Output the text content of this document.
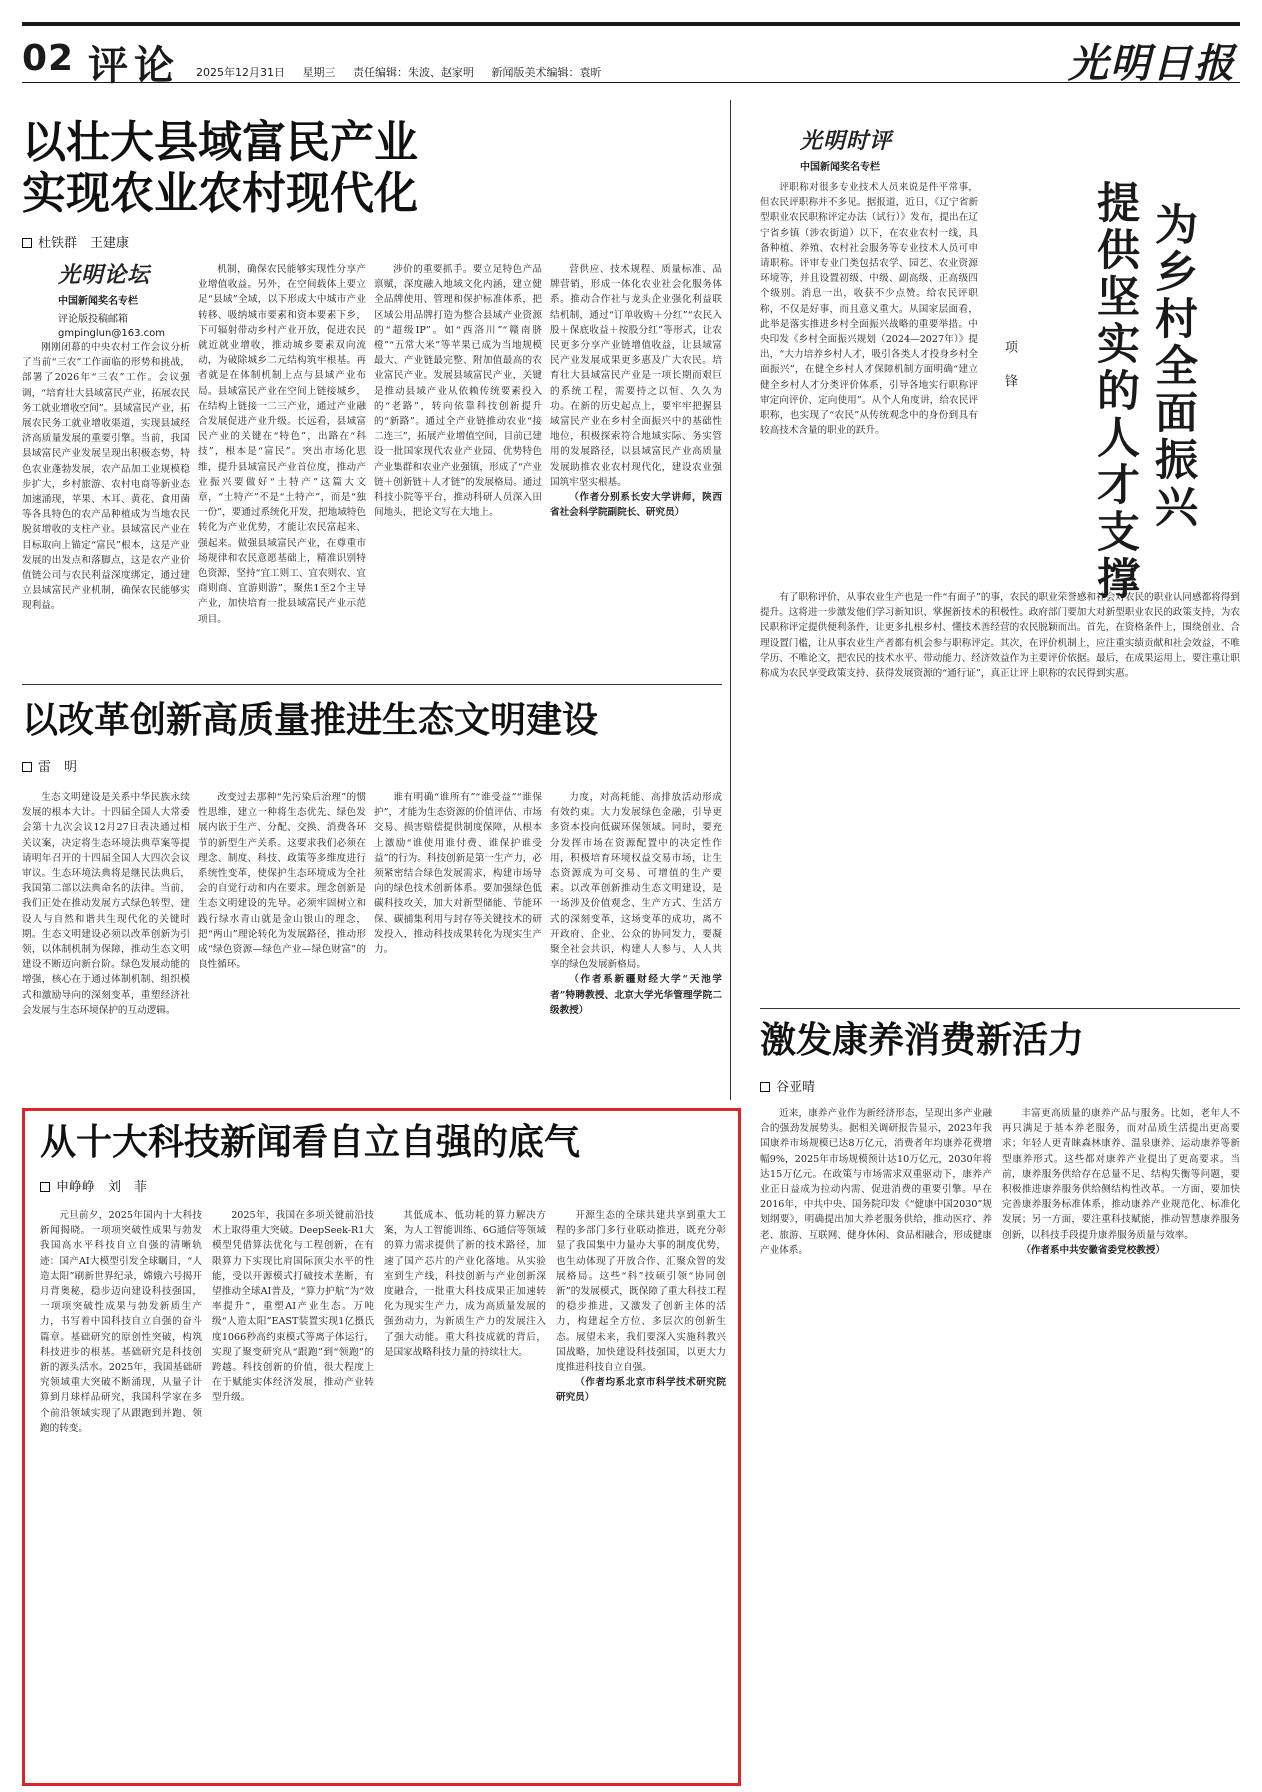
02 评论 2025年12月31日 星期三 责任编辑：朱波、赵家明 新闻版美术编辑：袁昕	光明日报
以壮大县域富民产业
实现农业农村现代化
杜铁群　王建康
光明论坛
中国新闻奖名专栏
评论版投稿邮箱
gmpinglun@163.com

刚刚闭幕的中央农村工作会议分析了当前“三农”工作面临的形势和挑战，部署了2026年“三农”工作。会议强调，“培育壮大县域富民产业，拓展农民务工就业增收空间”。县域富民产业，拓展农民务工就业增收渠道，实现县域经济高质量发展的重要引擎。当前，我国县域富民产业发展呈现出积极态势，特色农业蓬勃发展，农产品加工业规模稳步扩大，乡村旅游、农村电商等新业态加速涌现，苹果、木耳、黄花、食用菌等各具特色的农产品种植成为当地农民脱贫增收的支柱产业。县域富民产业在目标取向上锚定“富民”根本，这是产业发展的出发点和落脚点，这是农产业价值链公司与农民利益深度绑定，通过建立县域富民产业机制，确保农民能够实现利益。

机制，确保农民能够实现性分享产业增值收益。另外，在空间载体上要立足“县域”全域，以下形成大中城市产业转移、吸纳城市要素和资本要素下乡，下可辐射带动乡村产业开放，促进农民就近就业增收，推动城乡要素双向流动，为破除城乡二元结构筑牢根基。再者就是在体制机制上点与县域产业布局。县域富民产业在空间上链接城乡，在结构上链接一二三产业，通过产业融合发展促进产业升级。长远看，县域富民产业的关键在“特色”，出路在“科技”，根本是“富民”。突出市场化思维，提升县域富民产业首位度，推动产业振兴要做好“土特产”这篇大文章，“土特产”不是“土特产”，而是“独一份”，要通过系统化开发，把地域特色转化为产业优势，才能让农民富起来、强起来。做强县域富民产业，在尊重市场规律和农民意愿基础上，精准识别特色资源，坚持“宜工则工、宜农则农、宜商则商、宜游则游”，聚焦1至2个主导产业，加快培育一批县域富民产业示范项目。

涉价的重要抓手。要立足特色产品禀赋，深度融入地域文化内涵，建立健全品牌使用、管理和保护标准体系，把区域公用品牌打造为整合县域产业资源的“超级IP”。如“西洛川”“赣南脐橙”“五常大米”等苹果已成为当地规模最大、产业链最完整、附加值最高的农业富民产业。发展县域富民产业，关键是推动县域产业从依赖传统要素投入的“老路”，转向依靠科技创新提升的“新路”。通过全产业链推动农业“接二连三”，拓展产业增值空间，目前已建设一批国家现代农业产业园、优势特色产业集群和农业产业强镇，形成了“产业链＋创新链＋人才链”的发展格局。通过科技小院等平台，推动科研人员深入田间地头，把论文写在大地上。

营供应、技术规程、质量标准、品牌营销，形成一体化农业社会化服务体系。推动合作社与龙头企业强化利益联结机制，通过“订单收购＋分红”“农民入股＋保底收益＋按股分红”等形式，让农民更多分享产业链增值收益，让县域富民产业发展成果更多惠及广大农民。培育壮大县域富民产业是一项长期而艰巨的系统工程，需要持之以恒、久久为功。在新的历史起点上，要牢牢把握县域富民产业在乡村全面振兴中的基础性地位，积极探索符合地域实际、务实管用的发展路径，以县域富民产业高质量发展助推农业农村现代化，建设农业强国筑牢坚实根基。

（作者分别系长安大学讲师，陕西省社会科学院副院长、研究员）

以改革创新高质量推进生态文明建设
雷　明

生态文明建设是关系中华民族永续发展的根本大计。十四届全国人大常委会第十九次会议12月27日表决通过相关议案，决定将生态环境法典草案等提请明年召开的十四届全国人大四次会议审议。生态环境法典将是继民法典后，我国第二部以法典命名的法律。当前，我们正处在推动发展方式绿色转型、建设人与自然和谐共生现代化的关键时期。生态文明建设必须以改革创新为引领，以体制机制为保障，推动生态文明建设不断迈向新台阶。绿色发展动能的增强，核心在于通过体制机制、组织模式和激励导向的深刻变革，重塑经济社会发展与生态环境保护的互动逻辑。

改变过去那种“先污染后治理”的惯性思维，建立一种将生态优先、绿色发展内嵌于生产、分配、交换、消费各环节的新型生产关系。这要求我们必须在理念、制度、科技、政策等多维度进行系统性变革，使保护生态环境成为全社会的自觉行动和内在要求。理念创新是生态文明建设的先导。必须牢固树立和践行绿水青山就是金山银山的理念，把“两山”理论转化为发展路径，推动形成“绿色资源—绿色产业—绿色财富”的良性循环。

谁有明确“谁所有”“谁受益”“谁保护”，才能为生态资源的价值评估、市场交易、损害赔偿提供制度保障，从根本上激励“谁使用谁付费、谁保护谁受益”的行为。科技创新是第一生产力，必须紧密结合绿色发展需求，构建市场导向的绿色技术创新体系。要加强绿色低碳科技攻关，加大对新型储能、节能环保、碳捕集利用与封存等关键技术的研发投入，推动科技成果转化为现实生产力。

力度，对高耗能、高排放活动形成有效约束。大力发展绿色金融，引导更多资本投向低碳环保领域。同时，要充分发挥市场在资源配置中的决定性作用，积极培育环境权益交易市场，让生态资源成为可交易、可增值的生产要素。以改革创新推动生态文明建设，是一场涉及价值观念、生产方式、生活方式的深刻变革，这场变革的成功，离不开政府、企业、公众的协同发力，要凝聚全社会共识，构建人人参与、人人共享的绿色发展新格局。

（作者系新疆财经大学“天池学者”特聘教授、北京大学光华管理学院二级教授）

从十大科技新闻看自立自强的底气
申峥峥　刘　菲

元旦前夕，2025年国内十大科技新闻揭晓。一项项突破性成果与勃发我国高水平科技自立自强的清晰轨迹：国产AI大模型引发全球瞩目，“人造太阳”刷新世界纪录，嫦娥六号揭开月背奥秘，稳步迈向建设科技强国，一项项突破性成果与勃发新质生产力，书写着中国科技自立自强的奋斗篇章。基础研究的原创性突破，构筑科技进步的根基。基础研究是科技创新的源头活水。2025年，我国基础研究领域重大突破不断涌现，从量子计算到月球样品研究，我国科学家在多个前沿领域实现了从跟跑到并跑、领跑的转变。

2025年，我国在多项关键前沿技术上取得重大突破。DeepSeek-R1大模型凭借算法优化与工程创新，在有限算力下实现比肩国际顶尖水平的性能，受以开源模式打破技术垄断，有望推动全球AI普及，“算力护航”为“效率提升”，重塑AI产业生态。万吨级“人造太阳”EAST装置实现1亿摄氏度1066秒高约束模式等离子体运行，实现了聚变研究从“跟跑”到“领跑”的跨越。科技创新的价值，很大程度上在于赋能实体经济发展，推动产业转型升级。

其低成本、低功耗的算力解决方案，为人工智能训练、6G通信等领域的算力需求提供了新的技术路径，加速了国产芯片的产业化落地。从实验室到生产线，科技创新与产业创新深度融合，一批重大科技成果正加速转化为现实生产力，成为高质量发展的强劲动力，为新质生产力的发展注入了强大动能。重大科技成就的背后，是国家战略科技力量的持续壮大。

开源生态的全球共建共享到重大工程的多部门多行业联动推进，既充分彰显了我国集中力量办大事的制度优势，也生动体现了开放合作、汇聚众智的发展格局。这些“科”技硕引领“协同创新”的发展模式，既保障了重大科技工程的稳步推进，又激发了创新主体的活力，构建起全方位、多层次的创新生态。展望未来，我们要深入实施科教兴国战略，加快建设科技强国，以更大力度推进科技自立自强。

（作者均系北京市科学技术研究院研究员）

光明时评
中国新闻奖名专栏
为乡村全面振兴
提供坚实的人才支撑
项　锋

评职称对很多专业技术人员来说是件平常事，但农民评职称并不多见。据报道，近日，《辽宁省新型职业农民职称评定办法（试行）》发布，提出在辽宁省乡镇（涉农街道）以下，在农业农村一线，具备种植、养殖、农村社会服务等专业技术人员可申请职称。评审专业门类包括农学、园艺、农业资源环境等，并且设置初级、中级、副高级、正高级四个级别。消息一出，收获不少点赞。给农民评职称，不仅是好事，而且意义重大。从国家层面看，此举是落实推进乡村全面振兴战略的重要举措。中央印发《乡村全面振兴规划（2024—2027年）》提出，“大力培养乡村人才，吸引各类人才投身乡村全面振兴”，在健全乡村人才保障机制方面明确“建立健全乡村人才分类评价体系，引导各地实行职称评审定向评价、定向使用”。从个人角度讲，给农民评职称，也实现了“农民”从传统观念中的身份到具有较高技术含量的职业的跃升。

有了职称评价，从事农业生产也是一件“有面子”的事，农民的职业荣誉感和社会对农民的职业认同感都将得到提升。这将进一步激发他们学习新知识、掌握新技术的积极性。政府部门要加大对新型职业农民的政策支持，为农民职称评定提供便利条件，让更多扎根乡村、懂技术善经营的农民脱颖而出。首先，在资格条件上，围绕创业、合理设置门槛，让从事农业生产者都有机会参与职称评定。其次，在评价机制上，应注重实绩贡献和社会效益，不唯学历、不唯论文，把农民的技术水平、带动能力、经济效益作为主要评价依据。最后，在成果运用上，要注重让职称成为农民享受政策支持、获得发展资源的“通行证”，真正让评上职称的农民得到实惠。

激发康养消费新活力
谷亚晴

近来，康养产业作为新经济形态，呈现出多产业融合的强劲发展势头。据相关调研报告显示，2023年我国康养市场规模已达8万亿元，消费者年均康养花费增幅9%，2025年市场规模预计达10万亿元，2030年将达15万亿元。在政策与市场需求双重驱动下，康养产业正日益成为拉动内需、促进消费的重要引擎。早在2016年，中共中央、国务院印发《“健康中国2030”规划纲要》，明确提出加大养老服务供给，推动医疗、养老、旅游、互联网、健身休闲、食品相融合，形成健康产业体系。

丰富更高质量的康养产品与服务。比如，老年人不再只满足于基本养老服务，而对品质生活提出更高要求；年轻人更青睐森林康养、温泉康养、运动康养等新型康养形式。这些都对康养产业提出了更高要求。当前，康养服务供给存在总量不足、结构失衡等问题，要积极推进康养服务供给侧结构性改革。一方面，要加快完善康养服务标准体系，推动康养产业规范化、标准化发展；另一方面，要注重科技赋能，推动智慧康养服务创新，以科技手段提升康养服务质量与效率。

（作者系中共安徽省委党校教授）
